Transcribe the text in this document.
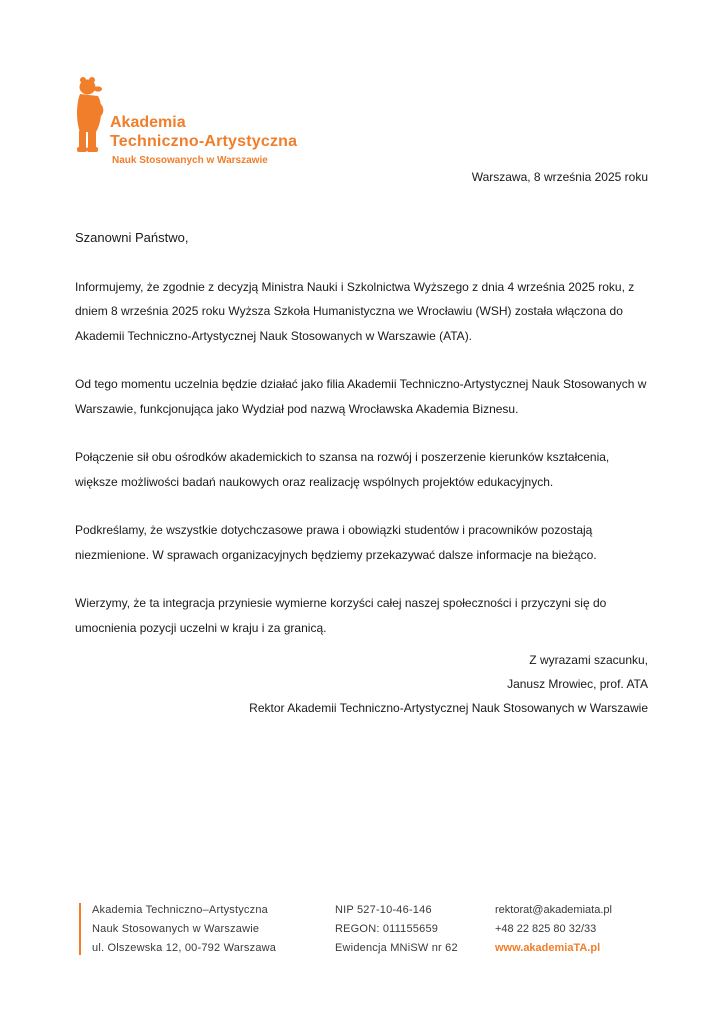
Akademia
Techniczno-Artystyczna
Nauk Stosowanych w Warszawie
Warszawa, 8 września 2025 roku

Szanowni Państwo,

Informujemy, że zgodnie z decyzją Ministra Nauki i Szkolnictwa Wyższego z dnia 4 września 2025 roku, z dniem 8 września 2025 roku Wyższa Szkoła Humanistyczna we Wrocławiu (WSH) została włączona do Akademii Techniczno-Artystycznej Nauk Stosowanych w Warszawie (ATA).

Od tego momentu uczelnia będzie działać jako filia Akademii Techniczno-Artystycznej Nauk Stosowanych w Warszawie, funkcjonująca jako Wydział pod nazwą Wrocławska Akademia Biznesu.

Połączenie sił obu ośrodków akademickich to szansa na rozwój i poszerzenie kierunków kształcenia, większe możliwości badań naukowych oraz realizację wspólnych projektów edukacyjnych.

Podkreślamy, że wszystkie dotychczasowe prawa i obowiązki studentów i pracowników pozostają niezmienione. W sprawach organizacyjnych będziemy przekazywać dalsze informacje na bieżąco.

Wierzymy, że ta integracja przyniesie wymierne korzyści całej naszej społeczności i przyczyni się do umocnienia pozycji uczelni w kraju i za granicą.

Z wyrazami szacunku,
Janusz Mrowiec, prof. ATA
Rektor Akademii Techniczno-Artystycznej Nauk Stosowanych w Warszawie
Akademia Techniczno–Artystyczna
Nauk Stosowanych w Warszawie
ul. Olszewska 12, 00-792 Warszawa
NIP 527-10-46-146
REGON: 011155659
Ewidencja MNiSW nr 62
rektorat@akademiata.pl
+48 22 825 80 32/33
www.akademiaTA.pl
